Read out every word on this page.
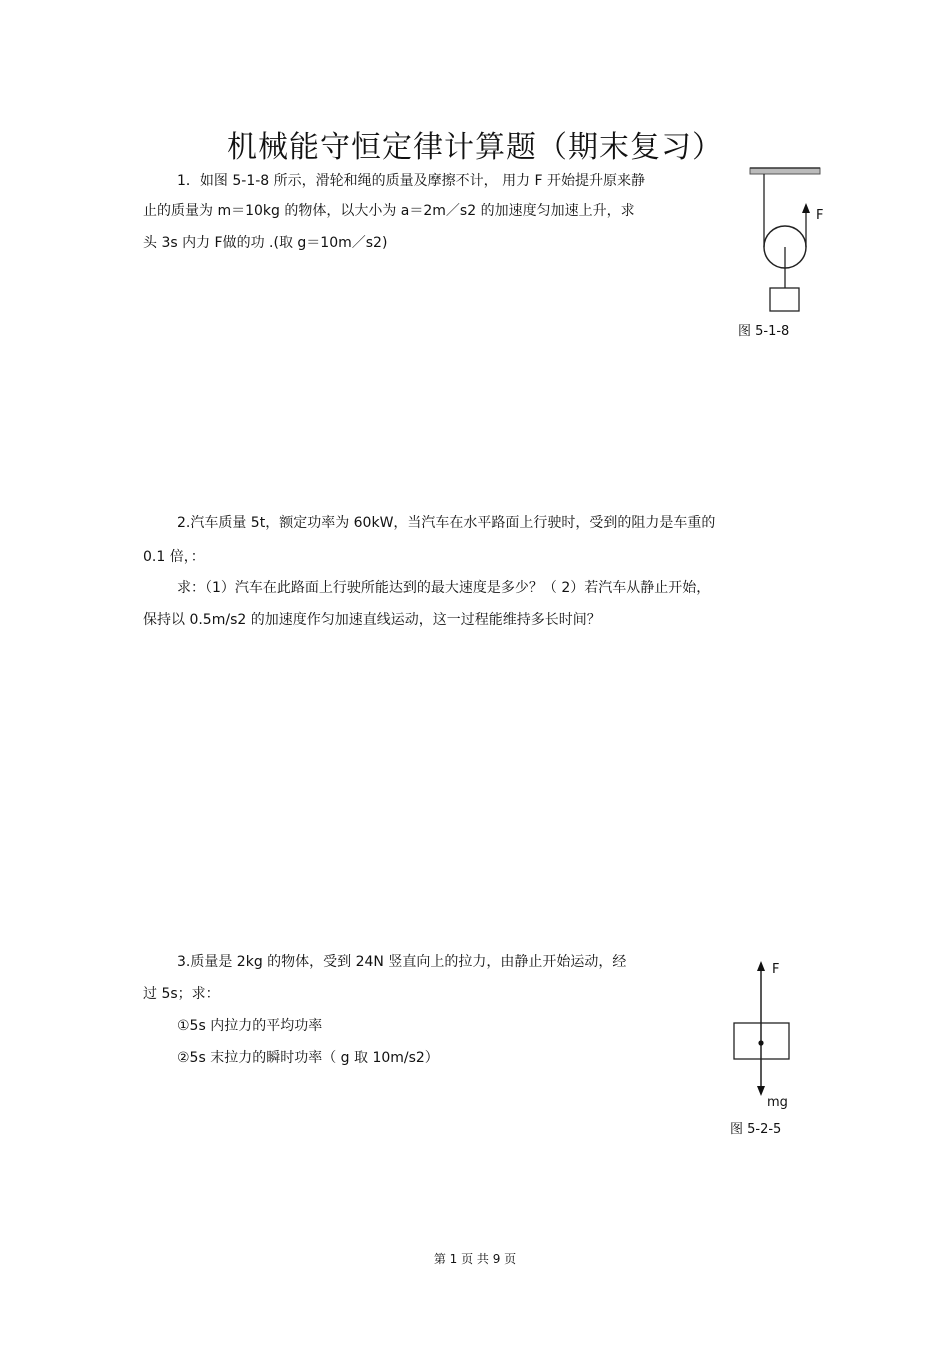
机械能守恒定律计算题（期末复习）
1．如图 5-1-8 所示，滑轮和绳的质量及摩擦不计， 用力 F 开始提升原来静
止的质量为 m＝10kg 的物体，以大小为 a＝2m／s2 的加速度匀加速上升，求
头 3s 内力 F做的功 .(取 g＝10m／s2)
F
图 5-1-8
2.汽车质量 5t，额定功率为 60kW，当汽车在水平路面上行驶时，受到的阻力是车重的
0.1 倍，：
求：（1）汽车在此路面上行驶所能达到的最大速度是多少？（ 2）若汽车从静止开始，
保持以 0.5m/s2 的加速度作匀加速直线运动，这一过程能维持多长时间？
3.质量是 2kg 的物体，受到 24N 竖直向上的拉力，由静止开始运动，经
过 5s；求：
①5s 内拉力的平均功率
②5s 末拉力的瞬时功率（ g 取 10m/s2）
F
mg
图 5-2-5
第 1 页 共 9 页
